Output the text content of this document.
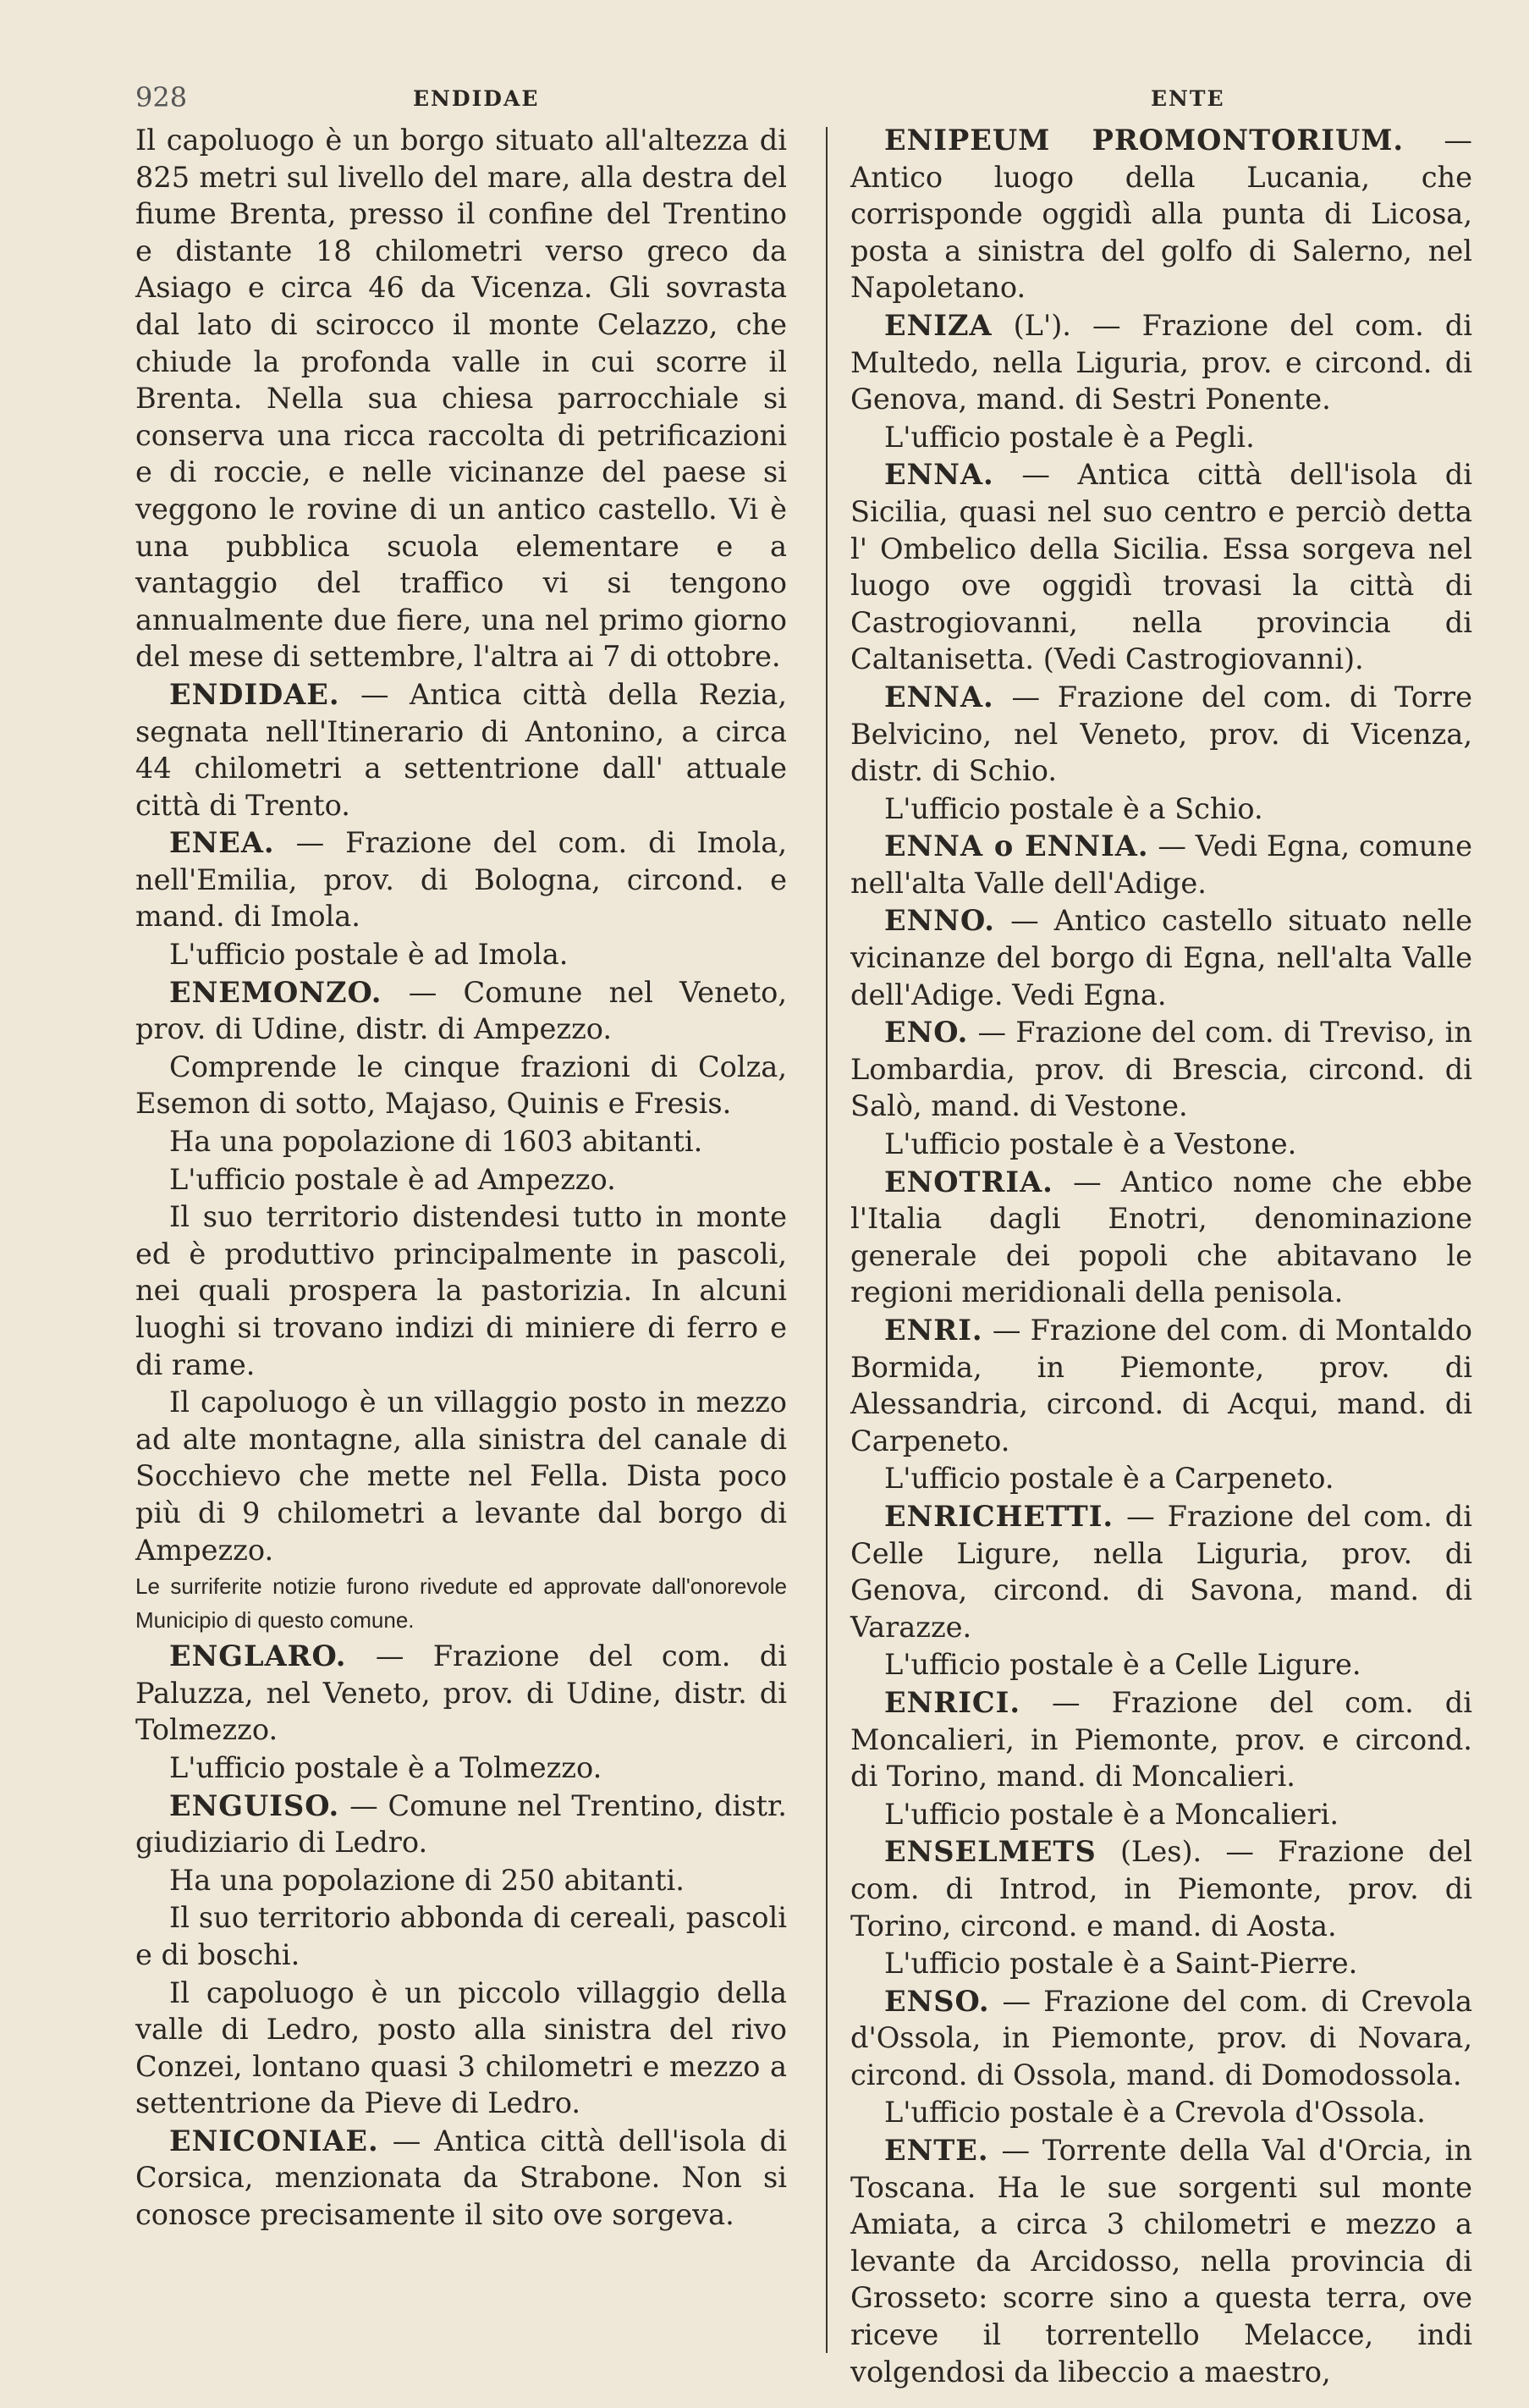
928	ENDIDAE	ENTE

Il capoluogo è un borgo situato all'altezza di 825 metri sul livello del mare, alla destra del fiume Brenta, presso il confine del Trentino e distante 18 chilometri verso greco da Asiago e circa 46 da Vicenza. Gli sovrasta dal lato di scirocco il monte Celazzo, che chiude la profonda valle in cui scorre il Brenta. Nella sua chiesa parrocchiale si conserva una ricca raccolta di petrificazioni e di roccie, e nelle vicinanze del paese si veggono le rovine di un antico castello. Vi è una pubblica scuola elementare e a vantaggio del traffico vi si tengono annualmente due fiere, una nel primo giorno del mese di settembre, l'altra ai 7 di ottobre.

ENDIDAE. — Antica città della Rezia, segnata nell'Itinerario di Antonino, a circa 44 chilometri a settentrione dall' attuale città di Trento.

ENEA. — Frazione del com. di Imola, nell'Emilia, prov. di Bologna, circond. e mand. di Imola.

L'ufficio postale è ad Imola.

ENEMONZO. — Comune nel Veneto, prov. di Udine, distr. di Ampezzo.

Comprende le cinque frazioni di Colza, Esemon di sotto, Majaso, Quinis e Fresis.

Ha una popolazione di 1603 abitanti.

L'ufficio postale è ad Ampezzo.

Il suo territorio distendesi tutto in monte ed è produttivo principalmente in pascoli, nei quali prospera la pastorizia. In alcuni luoghi si trovano indizi di miniere di ferro e di rame.

Il capoluogo è un villaggio posto in mezzo ad alte montagne, alla sinistra del canale di Socchievo che mette nel Fella. Dista poco più di 9 chilometri a levante dal borgo di Ampezzo.

Le surriferite notizie furono rivedute ed approvate dall'onorevole Municipio di questo comune.

ENGLARO. — Frazione del com. di Paluzza, nel Veneto, prov. di Udine, distr. di Tolmezzo.

L'ufficio postale è a Tolmezzo.

ENGUISO. — Comune nel Trentino, distr. giudiziario di Ledro.

Ha una popolazione di 250 abitanti.

Il suo territorio abbonda di cereali, pascoli e di boschi.

Il capoluogo è un piccolo villaggio della valle di Ledro, posto alla sinistra del rivo Conzei, lontano quasi 3 chilometri e mezzo a settentrione da Pieve di Ledro.

ENICONIAE. — Antica città dell'isola di Corsica, menzionata da Strabone. Non si conosce precisamente il sito ove sorgeva.

ENIPEUM PROMONTORIUM. — Antico luogo della Lucania, che corrisponde oggidì alla punta di Licosa, posta a sinistra del golfo di Salerno, nel Napoletano.

ENIZA (L'). — Frazione del com. di Multedo, nella Liguria, prov. e circond. di Genova, mand. di Sestri Ponente.

L'ufficio postale è a Pegli.

ENNA. — Antica città dell'isola di Sicilia, quasi nel suo centro e perciò detta l' Ombelico della Sicilia. Essa sorgeva nel luogo ove oggidì trovasi la città di Castrogiovanni, nella provincia di Caltanisetta. (Vedi Castrogiovanni).

ENNA. — Frazione del com. di Torre Belvicino, nel Veneto, prov. di Vicenza, distr. di Schio.

L'ufficio postale è a Schio.

ENNA o ENNIA. — Vedi Egna, comune nell'alta Valle dell'Adige.

ENNO. — Antico castello situato nelle vicinanze del borgo di Egna, nell'alta Valle dell'Adige. Vedi Egna.

ENO. — Frazione del com. di Treviso, in Lombardia, prov. di Brescia, circond. di Salò, mand. di Vestone.

L'ufficio postale è a Vestone.

ENOTRIA. — Antico nome che ebbe l'Italia dagli Enotri, denominazione generale dei popoli che abitavano le regioni meridionali della penisola.

ENRI. — Frazione del com. di Montaldo Bormida, in Piemonte, prov. di Alessandria, circond. di Acqui, mand. di Carpeneto.

L'ufficio postale è a Carpeneto.

ENRICHETTI. — Frazione del com. di Celle Ligure, nella Liguria, prov. di Genova, circond. di Savona, mand. di Varazze.

L'ufficio postale è a Celle Ligure.

ENRICI. — Frazione del com. di Moncalieri, in Piemonte, prov. e circond. di Torino, mand. di Moncalieri.

L'ufficio postale è a Moncalieri.

ENSELMETS (Les). — Frazione del com. di Introd, in Piemonte, prov. di Torino, circond. e mand. di Aosta.

L'ufficio postale è a Saint-Pierre.

ENSO. — Frazione del com. di Crevola d'Ossola, in Piemonte, prov. di Novara, circond. di Ossola, mand. di Domodossola.

L'ufficio postale è a Crevola d'Ossola.

ENTE. — Torrente della Val d'Orcia, in Toscana. Ha le sue sorgenti sul monte Amiata, a circa 3 chilometri e mezzo a levante da Arcidosso, nella provincia di Grosseto: scorre sino a questa terra, ove riceve il torrentello Melacce, indi volgendosi da libeccio a maestro,
